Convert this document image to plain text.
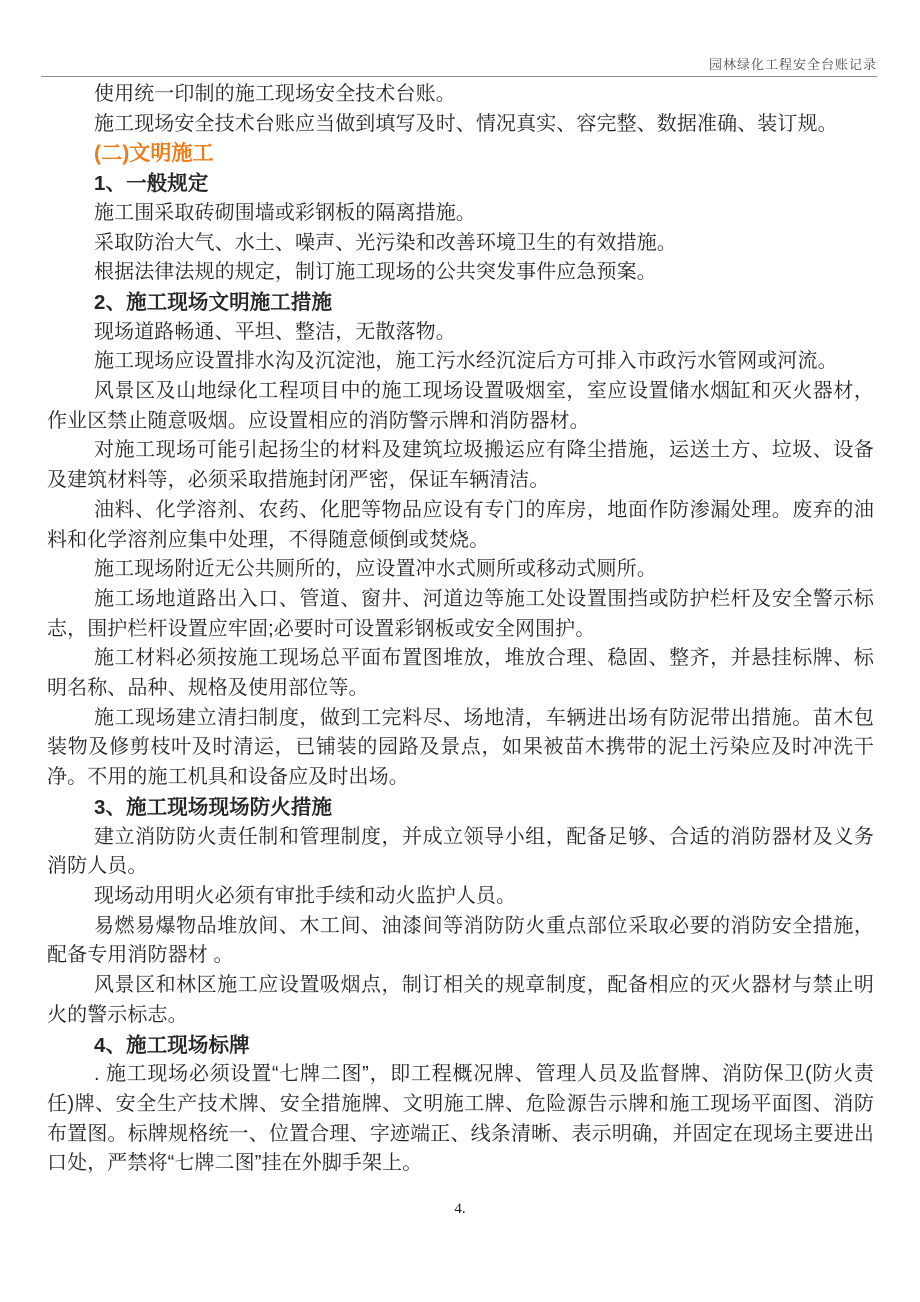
园林绿化工程安全台账记录
使用统一印制的施工现场安全技术台账。
施工现场安全技术台账应当做到填写及时、情况真实、容完整、数据准确、装订规。
(二)文明施工
1、一般规定
施工围采取砖砌围墙或彩钢板的隔离措施。
采取防治大气、水土、噪声、光污染和改善环境卫生的有效措施。
根据法律法规的规定，制订施工现场的公共突发事件应急预案。
2、施工现场文明施工措施
现场道路畅通、平坦、整洁，无散落物。
施工现场应设置排水沟及沉淀池，施工污水经沉淀后方可排入市政污水管网或河流。
风景区及山地绿化工程项目中的施工现场设置吸烟室，室应设置储水烟缸和灭火器材，作业区禁止随意吸烟。应设置相应的消防警示牌和消防器材。
对施工现场可能引起扬尘的材料及建筑垃圾搬运应有降尘措施，运送土方、垃圾、设备及建筑材料等，必须采取措施封闭严密，保证车辆清洁。
油料、化学溶剂、农药、化肥等物品应设有专门的库房，地面作防渗漏处理。废弃的油料和化学溶剂应集中处理，不得随意倾倒或焚烧。
施工现场附近无公共厕所的，应设置冲水式厕所或移动式厕所。
施工场地道路出入口、管道、窗井、河道边等施工处设置围挡或防护栏杆及安全警示标志，围护栏杆设置应牢固;必要时可设置彩钢板或安全网围护。
施工材料必须按施工现场总平面布置图堆放，堆放合理、稳固、整齐，并悬挂标牌、标明名称、品种、规格及使用部位等。
施工现场建立清扫制度，做到工完料尽、场地清，车辆进出场有防泥带出措施。苗木包装物及修剪枝叶及时清运，已铺装的园路及景点，如果被苗木携带的泥土污染应及时冲洗干净。不用的施工机具和设备应及时出场。
3、施工现场现场防火措施
建立消防防火责任制和管理制度，并成立领导小组，配备足够、合适的消防器材及义务消防人员。
现场动用明火必须有审批手续和动火监护人员。
易燃易爆物品堆放间、木工间、油漆间等消防防火重点部位采取必要的消防安全措施，配备专用消防器材 。
风景区和林区施工应设置吸烟点，制订相关的规章制度，配备相应的灭火器材与禁止明火的警示标志。
4、施工现场标牌
. 施工现场必须设置“七牌二图”，即工程概况牌、管理人员及监督牌、消防保卫(防火责任)牌、安全生产技术牌、安全措施牌、文明施工牌、危险源告示牌和施工现场平面图、消防布置图。标牌规格统一、位置合理、字迹端正、线条清晰、表示明确，并固定在现场主要进出口处，严禁将“七牌二图”挂在外脚手架上。
4.
